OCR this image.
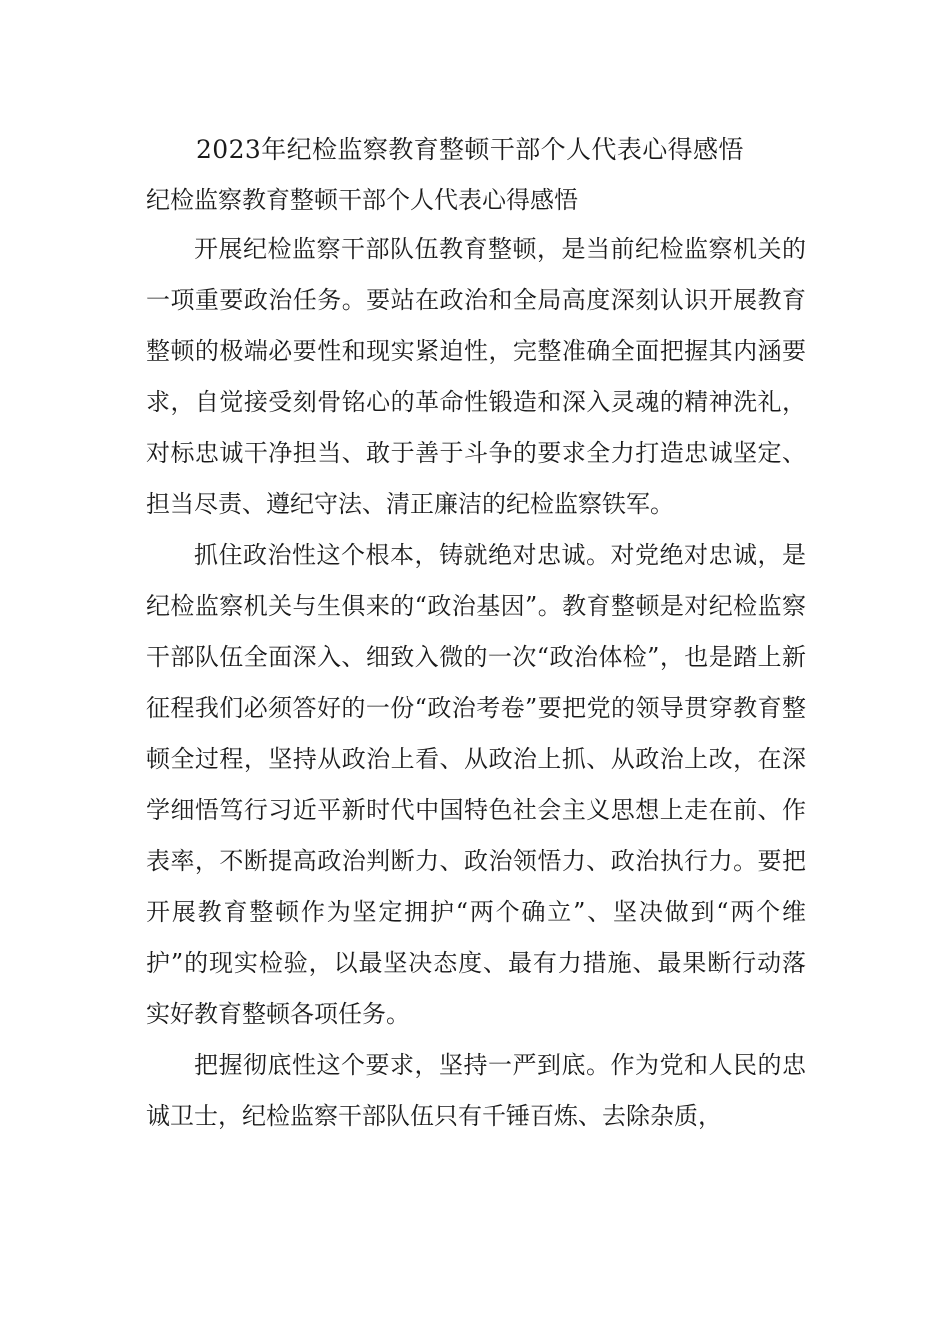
2023年纪检监察教育整顿干部个人代表心得感悟

纪检监察教育整顿干部个人代表心得感悟

开展纪检监察干部队伍教育整顿，是当前纪检监察机关的一项重要政治任务。要站在政治和全局高度深刻认识开展教育整顿的极端必要性和现实紧迫性，完整准确全面把握其内涵要求，自觉接受刻骨铭心的革命性锻造和深入灵魂的精神洗礼，对标忠诚干净担当、敢于善于斗争的要求全力打造忠诚坚定、担当尽责、遵纪守法、清正廉洁的纪检监察铁军。

抓住政治性这个根本，铸就绝对忠诚。对党绝对忠诚，是纪检监察机关与生俱来的“政治基因”。教育整顿是对纪检监察干部队伍全面深入、细致入微的一次“政治体检”，也是踏上新征程我们必须答好的一份“政治考卷”要把党的领导贯穿教育整顿全过程，坚持从政治上看、从政治上抓、从政治上改，在深学细悟笃行习近平新时代中国特色社会主义思想上走在前、作表率，不断提高政治判断力、政治领悟力、政治执行力。要把开展教育整顿作为坚定拥护“两个确立”、坚决做到“两个维护”的现实检验，以最坚决态度、最有力措施、最果断行动落实好教育整顿各项任务。

把握彻底性这个要求，坚持一严到底。作为党和人民的忠诚卫士，纪检监察干部队伍只有千锤百炼、去除杂质，
